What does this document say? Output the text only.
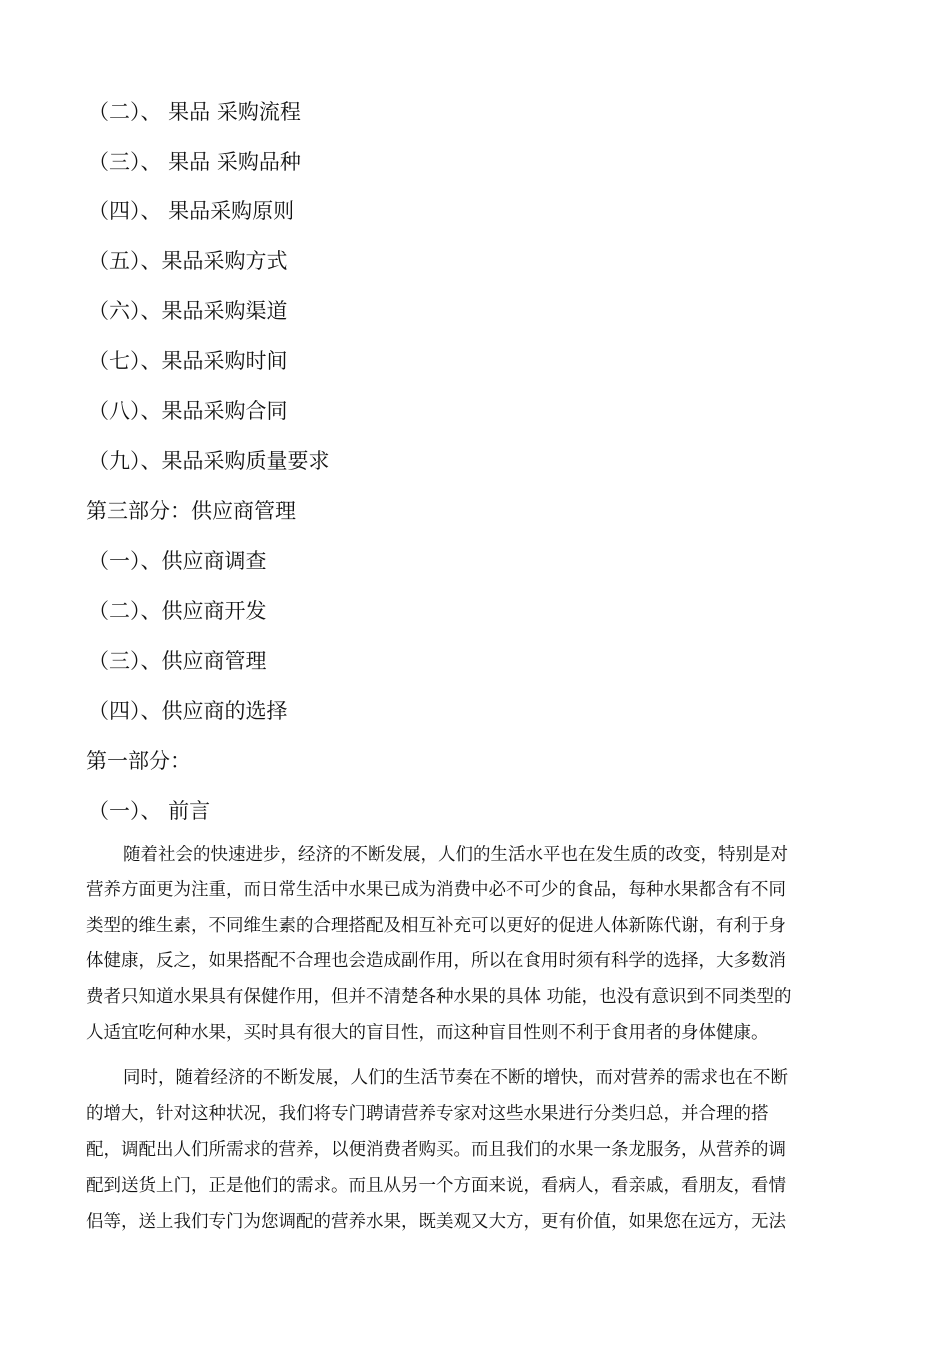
（二）、 果品 采购流程
（三）、 果品 采购品种
（四）、 果品采购原则
（五）、果品采购方式
（六）、果品采购渠道
（七）、果品采购时间
（八）、果品采购合同
（九）、果品采购质量要求
第三部分：供应商管理
（一）、供应商调查
（二）、供应商开发
（三）、供应商管理
（四）、供应商的选择
第一部分：
（一）、 前言
随着社会的快速进步，经济的不断发展，人们的生活水平也在发生质的改变，特别是对
营养方面更为注重，而日常生活中水果已成为消费中必不可少的食品，每种水果都含有不同
类型的维生素，不同维生素的合理搭配及相互补充可以更好的促进人体新陈代谢，有利于身
体健康，反之，如果搭配不合理也会造成副作用，所以在食用时须有科学的选择，大多数消
费者只知道水果具有保健作用，但并不清楚各种水果的具体 功能，也没有意识到不同类型的
人适宜吃何种水果，买时具有很大的盲目性，而这种盲目性则不利于食用者的身体健康。
同时，随着经济的不断发展，人们的生活节奏在不断的增快，而对营养的需求也在不断
的增大，针对这种状况，我们将专门聘请营养专家对这些水果进行分类归总，并合理的搭
配，调配出人们所需求的营养，以便消费者购买。而且我们的水果一条龙服务，从营养的调
配到送货上门，正是他们的需求。而且从另一个方面来说，看病人，看亲戚，看朋友，看情
侣等，送上我们专门为您调配的营养水果，既美观又大方，更有价值，如果您在远方，无法
